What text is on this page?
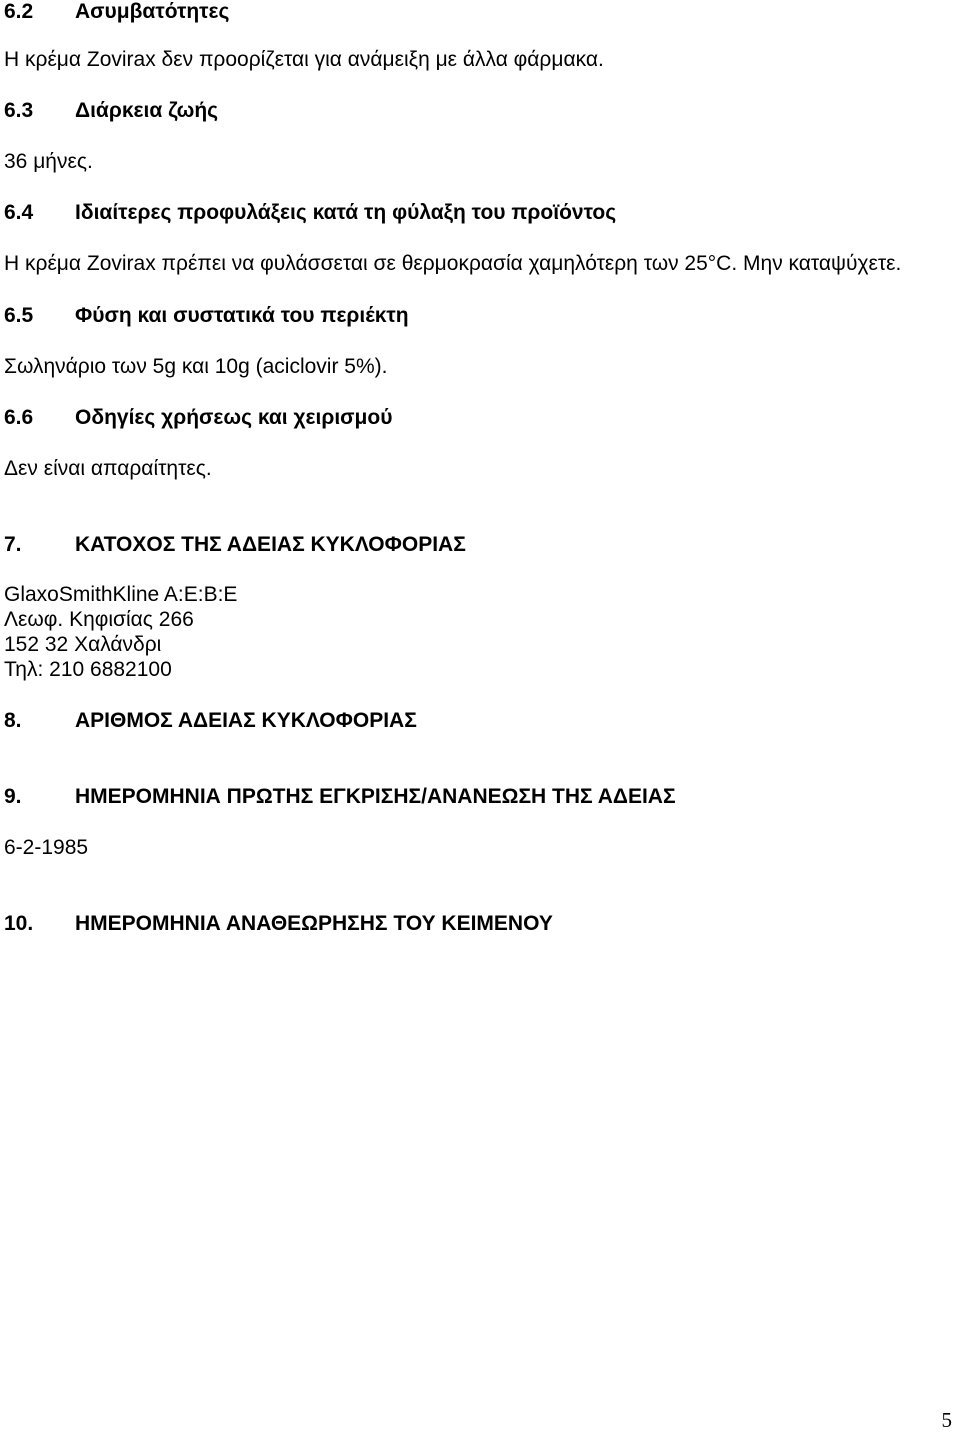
6.2 Ασυμβατότητες

Η κρέμα Zovirax δεν προορίζεται για ανάμειξη με άλλα φάρμακα.

6.3 Διάρκεια ζωής

36 μήνες.

6.4 Ιδιαίτερες προφυλάξεις κατά τη φύλαξη του προϊόντος

Η κρέμα Zovirax πρέπει να φυλάσσεται σε θερμοκρασία χαμηλότερη των 25°C. Μην καταψύχετε.

6.5 Φύση και συστατικά του περιέκτη

Σωληνάριο των 5g και 10g (aciclovir 5%).

6.6 Οδηγίες χρήσεως και χειρισμού

Δεν είναι απαραίτητες.

7.	ΚΑΤΟΧΟΣ ΤΗΣ ΑΔΕΙΑΣ ΚΥΚΛΟΦΟΡΙΑΣ

GlaxoSmithKline A:E:B:E

Λεωφ. Κηφισίας 266

152 32 Χαλάνδρι

Τηλ: 210 6882100

8.	ΑΡΙΘΜΟΣ ΑΔΕΙΑΣ ΚΥΚΛΟΦΟΡΙΑΣ
9.	ΗΜΕΡΟΜΗΝΙΑ ΠΡΩΤΗΣ ΕΓΚΡΙΣΗΣ/ΑΝΑΝΕΩΣΗ ΤΗΣ ΑΔΕΙΑΣ

6-2-1985

10. ΗΜΕΡΟΜΗΝΙΑ ΑΝΑΘΕΩΡΗΣΗΣ ΤΟΥ ΚΕΙΜΕΝΟΥ
5
